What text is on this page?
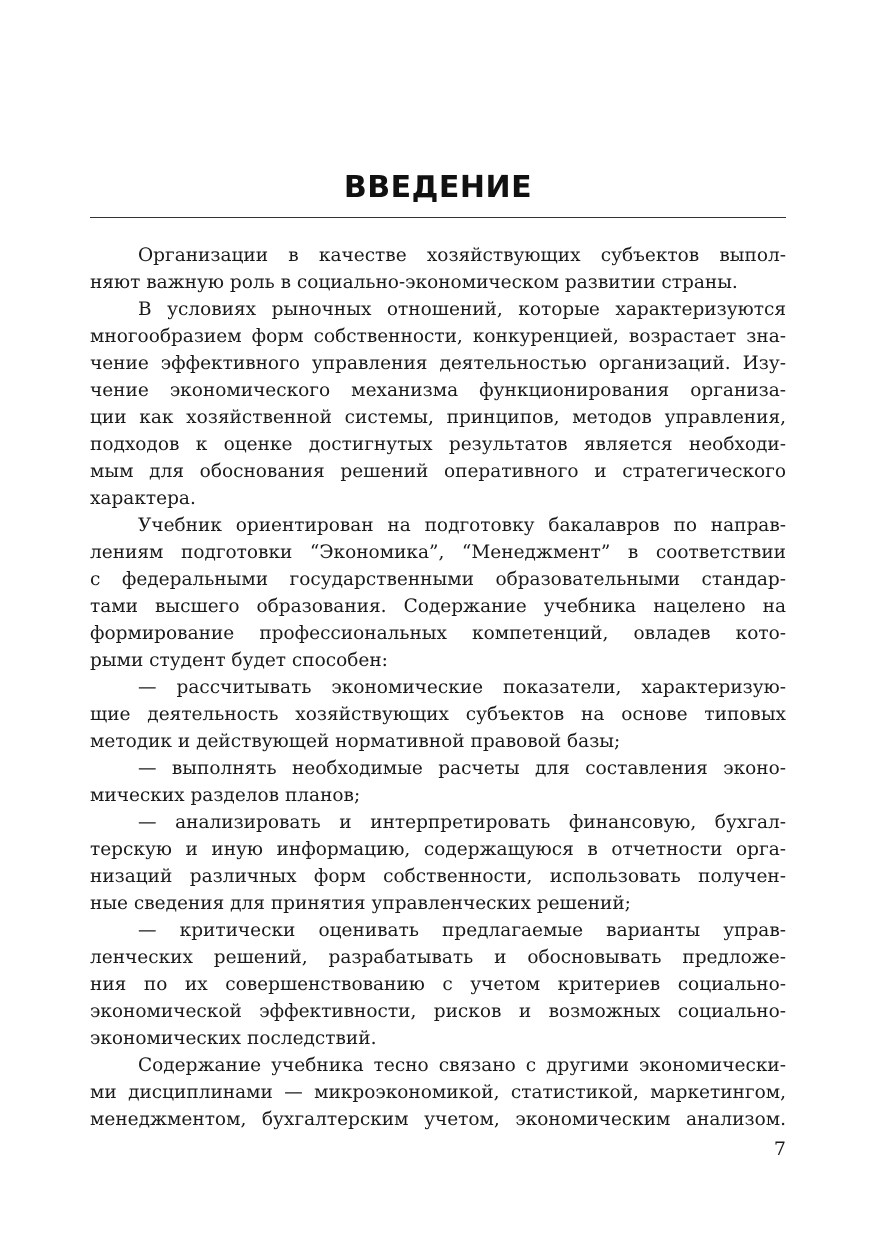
ВВЕДЕНИЕ
Организации в качестве хозяйствующих субъектов выпол-
няют важную роль в социально-экономическом развитии страны.
В условиях рыночных отношений, которые характеризуются
многообразием форм собственности, конкуренцией, возрастает зна-
чение эффективного управления деятельностью организаций. Изу-
чение экономического механизма функционирования организа-
ции как хозяйственной системы, принципов, методов управления,
подходов к оценке достигнутых результатов является необходи-
мым для обоснования решений оперативного и стратегического
характера.
Учебник ориентирован на подготовку бакалавров по направ-
лениям подготовки “Экономика”, “Менеджмент” в соответствии
с федеральными государственными образовательными стандар-
тами высшего образования. Содержание учебника нацелено на
формирование профессиональных компетенций, овладев кото-
рыми студент будет способен:
— рассчитывать экономические показатели, характеризую-
щие деятельность хозяйствующих субъектов на основе типовых
методик и действующей нормативной правовой базы;
— выполнять необходимые расчеты для составления эконо-
мических разделов планов;
— анализировать и интерпретировать финансовую, бухгал-
терскую и иную информацию, содержащуюся в отчетности орга-
низаций различных форм собственности, использовать получен-
ные сведения для принятия управленческих решений;
— критически оценивать предлагаемые варианты управ-
ленческих решений, разрабатывать и обосновывать предложе-
ния по их совершенствованию с учетом критериев социально-
экономической эффективности, рисков и возможных социально-
экономических последствий.
Содержание учебника тесно связано с другими экономически-
ми дисциплинами — микроэкономикой, статистикой, маркетингом,
менеджментом, бухгалтерским учетом, экономическим анализом.
7
